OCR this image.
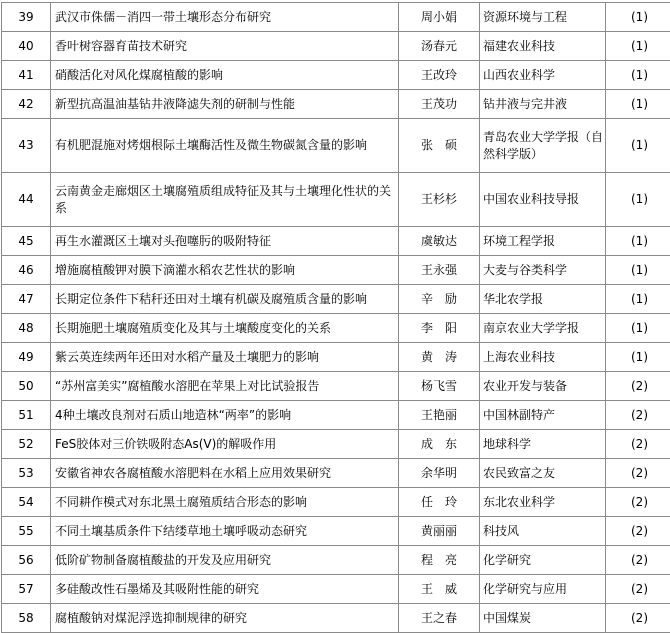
39	武汉市侏儒－消四一带土壤形态分布研究	周小娟	资源环境与工程	(1)
40	香叶树容器育苗技术研究	汤春元	福建农业科技	(1)
41	硝酸活化对风化煤腐植酸的影响	王改玲	山西农业科学	(1)
42	新型抗高温油基钻井液降滤失剂的研制与性能	王茂功	钻井液与完井液	(1)
43	有机肥混施对烤烟根际土壤酶活性及微生物碳氮含量的影响	张　硕	青岛农业大学学报（自然科学版）	(1)
44	云南黄金走廊烟区土壤腐殖质组成特征及其与土壤理化性状的关系	王杉杉	中国农业科技导报	(1)
45	再生水灌溉区土壤对头孢噻肟的吸附特征	虞敏达	环境工程学报	(1)
46	增施腐植酸钾对膜下滴灌水稻农艺性状的影响	王永强	大麦与谷类科学	(1)
47	长期定位条件下秸秆还田对土壤有机碳及腐殖质含量的影响	辛　励	华北农学报	(1)
48	长期施肥土壤腐殖质变化及其与土壤酸度变化的关系	李　阳	南京农业大学学报	(1)
49	紫云英连续两年还田对水稻产量及土壤肥力的影响	黄　涛	上海农业科技	(1)
50	“苏州富美实”腐植酸水溶肥在苹果上对比试验报告	杨飞雪	农业开发与装备	(2)
51	4种土壤改良剂对石质山地造林“两率”的影响	王艳丽	中国林副特产	(2)
52	FeS胶体对三价铁吸附态As(V)的解吸作用	成　东	地球科学	(2)
53	安徽省神农各腐植酸水溶肥料在水稻上应用效果研究	余华明	农民致富之友	(2)
54	不同耕作模式对东北黑土腐殖质结合形态的影响	任　玲	东北农业科学	(2)
55	不同土壤基质条件下结缕草地土壤呼吸动态研究	黄丽丽	科技风	(2)
56	低阶矿物制备腐植酸盐的开发及应用研究	程　亮	化学研究	(2)
57	多硅酸改性石墨烯及其吸附性能的研究	王　威	化学研究与应用	(2)
58	腐植酸钠对煤泥浮选抑制规律的研究	王之春	中国煤炭	(2)
